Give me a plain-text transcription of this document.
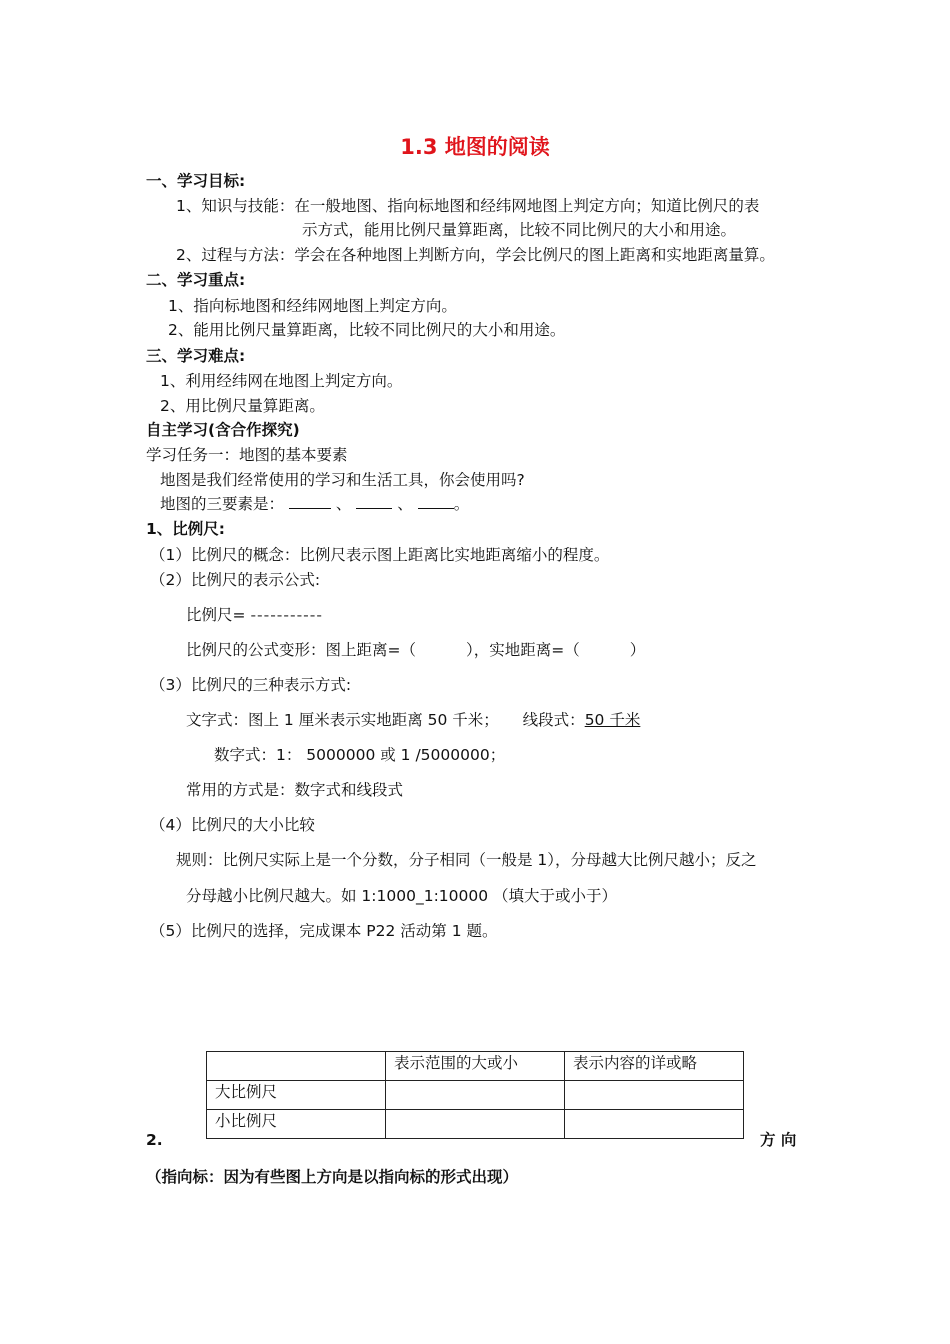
1.3 地图的阅读
一、学习目标:
1、知识与技能：在一般地图、指向标地图和经纬网地图上判定方向；知道比例尺的表
示方式，能用比例尺量算距离，比较不同比例尺的大小和用途。
2、过程与方法：学会在各种地图上判断方向，学会比例尺的图上距离和实地距离量算。
二、学习重点:
1、指向标地图和经纬网地图上判定方向。
2、能用比例尺量算距离，比较不同比例尺的大小和用途。
三、学习难点:
1、利用经纬网在地图上判定方向。
2、用比例尺量算距离。
自主学习(含合作探究)
学习任务一：地图的基本要素
地图是我们经常使用的学习和生活工具，你会使用吗?
地图的三要素是：	、	、	。
1、比例尺:
（1）比例尺的概念：比例尺表示图上距离比实地距离缩小的程度。
（2）比例尺的表示公式:
比例尺= -----------
比例尺的公式变形：图上距离=（	），实地距离=（	）
（3）比例尺的三种表示方式:
文字式：图上 1 厘米表示实地距离 50 千米； 线段式：50 千米
数字式：1： 5000000 或 1 /5000000；
常用的方式是：数字式和线段式
（4）比例尺的大小比较
规则：比例尺实际上是一个分数，分子相同（一般是 1），分母越大比例尺越小；反之
分母越小比例尺越大。如 1:1000_1:10000 （填大于或小于）
（5）比例尺的选择，完成课本 P22 活动第 1 题。
	表示范围的大或小	表示内容的详或略
大比例尺		
小比例尺		
2.	方 向
（指向标：因为有些图上方向是以指向标的形式出现）
